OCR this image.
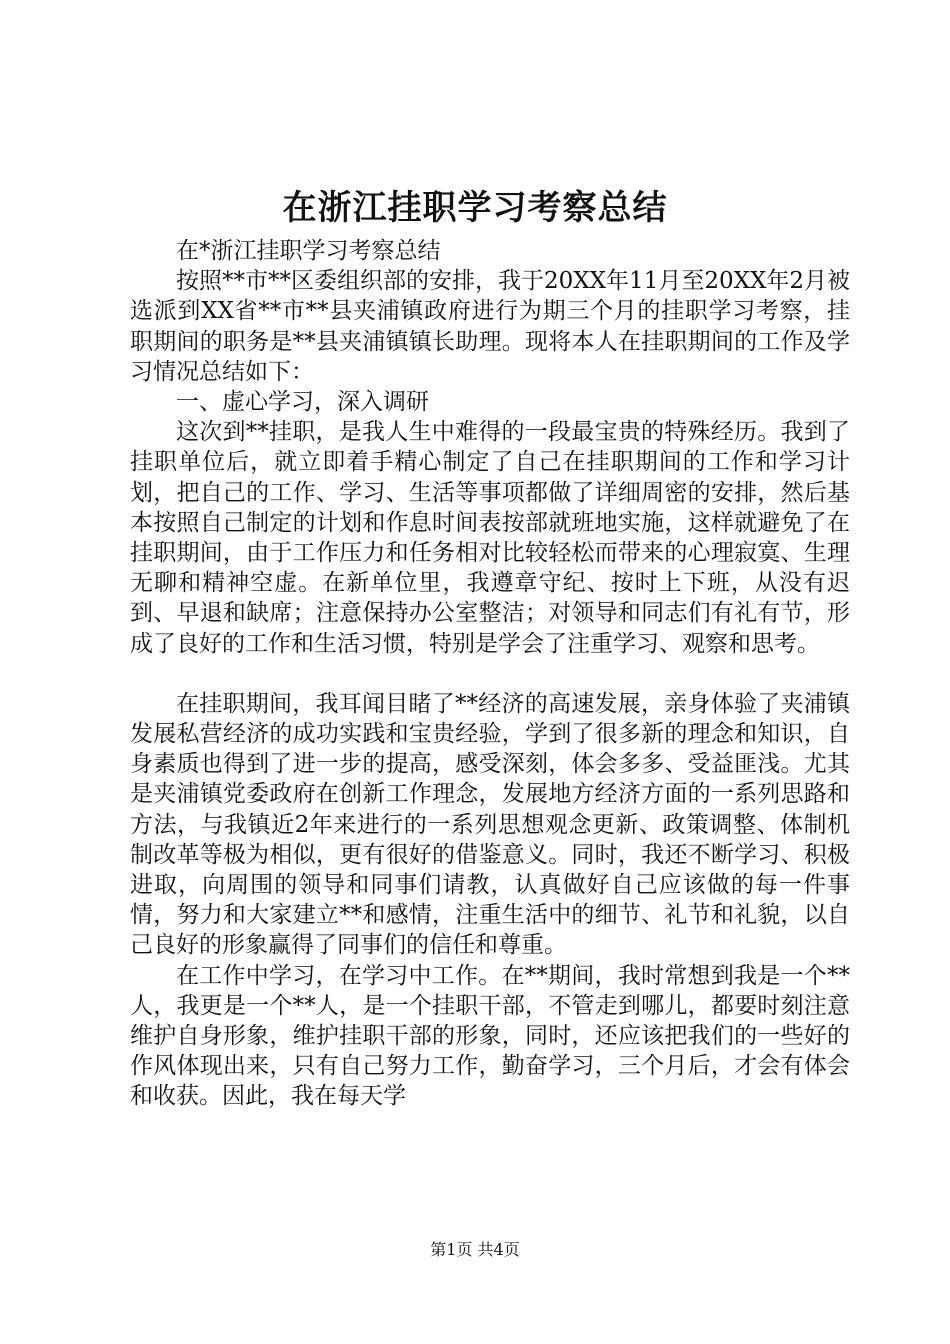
在浙江挂职学习考察总结

在*浙江挂职学习考察总结

按照**市**区委组织部的安排，我于20XX年11月至20XX年2月被选派到XX省**市**县夹浦镇政府进行为期三个月的挂职学习考察，挂职期间的职务是**县夹浦镇镇长助理。现将本人在挂职期间的工作及学习情况总结如下：

一、虚心学习，深入调研

这次到**挂职，是我人生中难得的一段最宝贵的特殊经历。我到了挂职单位后，就立即着手精心制定了自己在挂职期间的工作和学习计划，把自己的工作、学习、生活等事项都做了详细周密的安排，然后基本按照自己制定的计划和作息时间表按部就班地实施，这样就避免了在挂职期间，由于工作压力和任务相对比较轻松而带来的心理寂寞、生理无聊和精神空虚。在新单位里，我遵章守纪、按时上下班，从没有迟到、早退和缺席；注意保持办公室整洁；对领导和同志们有礼有节，形成了良好的工作和生活习惯，特别是学会了注重学习、观察和思考。

在挂职期间，我耳闻目睹了**经济的高速发展，亲身体验了夹浦镇发展私营经济的成功实践和宝贵经验，学到了很多新的理念和知识，自身素质也得到了进一步的提高，感受深刻，体会多多、受益匪浅。尤其是夹浦镇党委政府在创新工作理念，发展地方经济方面的一系列思路和方法，与我镇近2年来进行的一系列思想观念更新、政策调整、体制机制改革等极为相似，更有很好的借鉴意义。同时，我还不断学习、积极进取，向周围的领导和同事们请教，认真做好自己应该做的每一件事情，努力和大家建立**和感情，注重生活中的细节、礼节和礼貌，以自己良好的形象赢得了同事们的信任和尊重。

在工作中学习，在学习中工作。在**期间，我时常想到我是一个**人，我更是一个**人，是一个挂职干部，不管走到哪儿，都要时刻注意维护自身形象，维护挂职干部的形象，同时，还应该把我们的一些好的作风体现出来，只有自己努力工作，勤奋学习，三个月后，才会有体会和收获。因此，我在每天学

第1页 共4页
